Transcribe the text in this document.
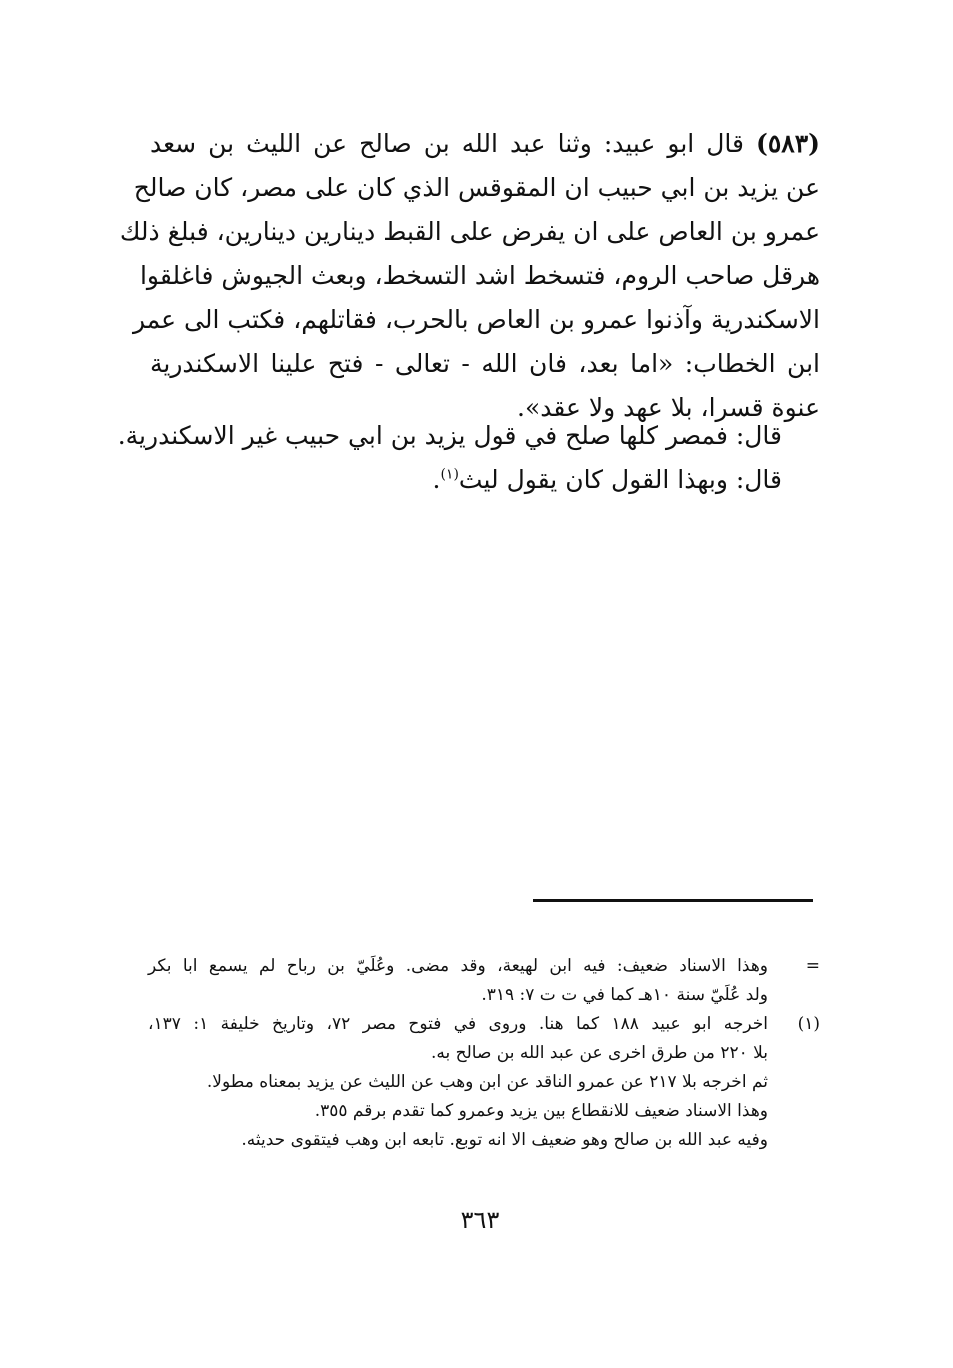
(٥٨٣) قال ابو عبيد: وثنا عبد الله بن صالح عن الليث بن سعد
عن يزيد بن ابي حبيب ان المقوقس الذي كان على مصر، كان صالح
عمرو بن العاص على ان يفرض على القبط دينارين دينارين، فبلغ ذلك
هرقل صاحب الروم، فتسخط اشد التسخط، وبعث الجيوش فاغلقوا
الاسكندرية وآذنوا عمرو بن العاص بالحرب، فقاتلهم، فكتب الى عمر
ابن الخطاب: «اما بعد، فان الله - تعالى - فتح علينا الاسكندرية
عنوة قسرا، بلا عهد ولا عقد».
قال: فمصر كلها صلح في قول يزيد بن ابي حبيب غير الاسكندرية.
قال: وبهذا القول كان يقول ليث$^{(١)}$.
=
وهذا الاسناد ضعيف: فيه ابن لهيعة، وقد مضى. وعُلَيّ بن رباح لم يسمع ابا بكر
ولد عُلَيّ سنة ١٠هـ كما في ت ت ٧: ٣١٩.
(١)
اخرجه ابو عبيد ١٨٨ كما هنا. وروى في فتوح مصر ٧٢، وتاريخ خليفة ١: ١٣٧،
بلا ٢٢٠ من طرق اخرى عن عبد الله بن صالح به.
ثم اخرجه بلا ٢١٧ عن عمرو الناقد عن ابن وهب عن الليث عن يزيد بمعناه مطولا.
وهذا الاسناد ضعيف للانقطاع بين يزيد وعمرو كما تقدم برقم ٣٥٥.
وفيه عبد الله بن صالح وهو ضعيف الا انه توبع. تابعه ابن وهب فيتقوى حديثه.
٣٦٣
